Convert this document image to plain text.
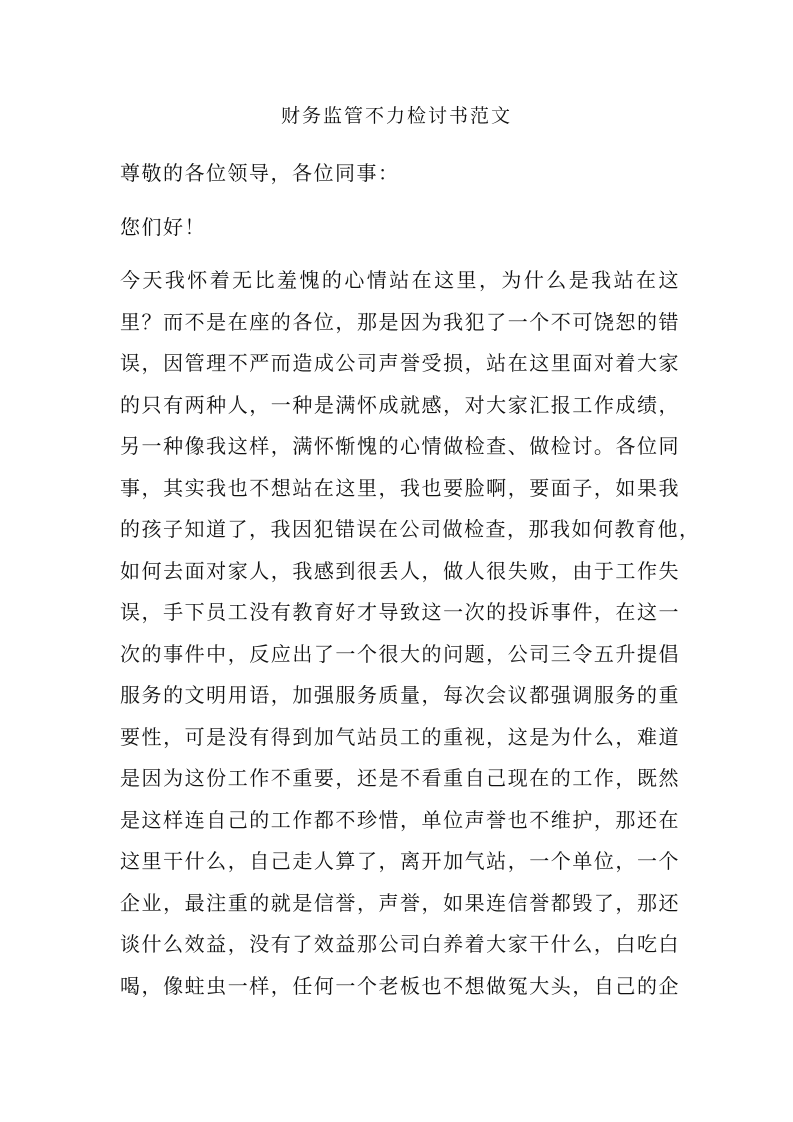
财务监管不力检讨书范文
尊敬的各位领导，各位同事：
您们好！
今天我怀着无比羞愧的心情站在这里，为什么是我站在这
里？而不是在座的各位，那是因为我犯了一个不可饶恕的错
误，因管理不严而造成公司声誉受损，站在这里面对着大家
的只有两种人，一种是满怀成就感，对大家汇报工作成绩，
另一种像我这样，满怀惭愧的心情做检查、做检讨。各位同
事，其实我也不想站在这里，我也要脸啊，要面子，如果我
的孩子知道了，我因犯错误在公司做检查，那我如何教育他，
如何去面对家人，我感到很丢人，做人很失败，由于工作失
误，手下员工没有教育好才导致这一次的投诉事件，在这一
次的事件中，反应出了一个很大的问题，公司三令五升提倡
服务的文明用语，加强服务质量，每次会议都强调服务的重
要性，可是没有得到加气站员工的重视，这是为什么，难道
是因为这份工作不重要，还是不看重自己现在的工作，既然
是这样连自己的工作都不珍惜，单位声誉也不维护，那还在
这里干什么，自己走人算了，离开加气站，一个单位，一个
企业，最注重的就是信誉，声誉，如果连信誉都毁了，那还
谈什么效益，没有了效益那公司白养着大家干什么，白吃白
喝，像蛀虫一样，任何一个老板也不想做冤大头，自己的企
